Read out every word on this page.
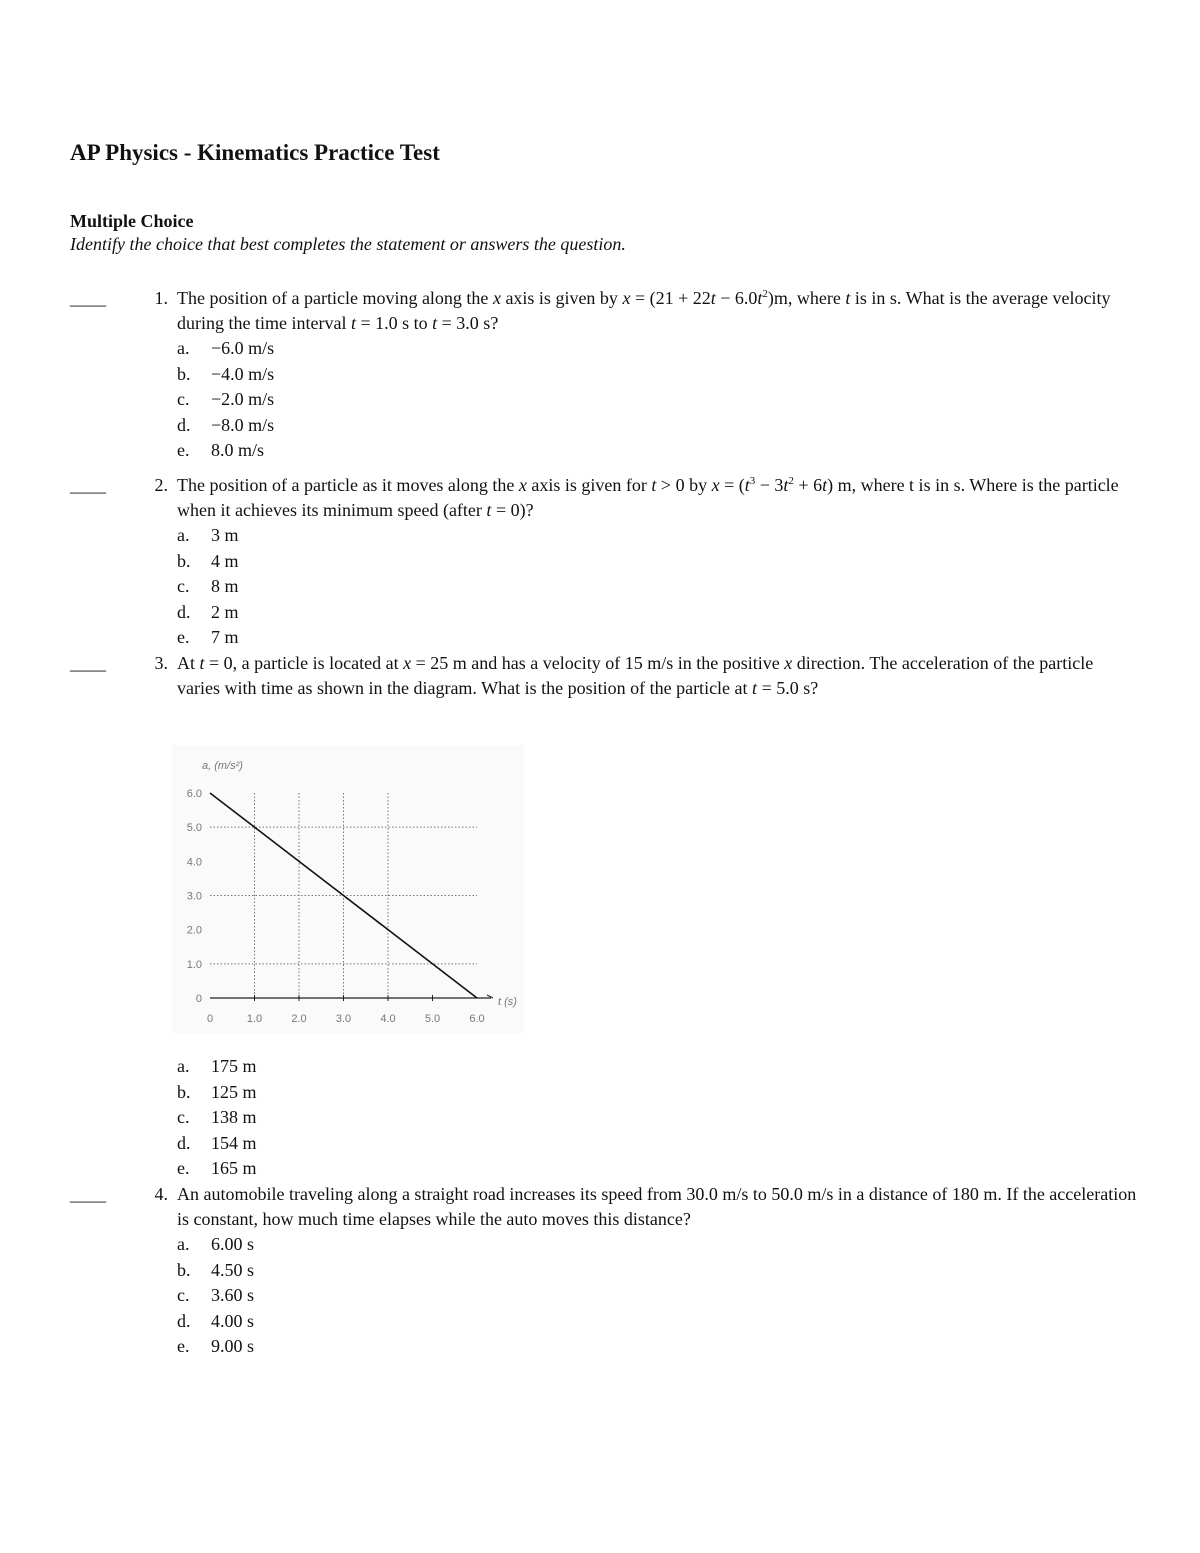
AP Physics - Kinematics Practice Test
Multiple Choice
Identify the choice that best completes the statement or answers the question.
____	1. The position of a particle moving along the x axis is given by $x = (21 + 22t - 6.0t^2)m$, where t is in s. What is the average velocity during the time interval t = 1.0 s to t = 3.0 s?
a. −6.0 m/s
b. −4.0 m/s
c. −2.0 m/s
d. −8.0 m/s
e. 8.0 m/s
____	2. The position of a particle as it moves along the x axis is given for t > 0 by $x = (t^3 - 3t^2 + 6t)$ m, where t is in s. Where is the particle when it achieves its minimum speed (after t = 0)?
a. 3 m
b. 4 m
c. 8 m
d. 2 m
e. 7 m
____	3. At t = 0, a particle is located at x = 25 m and has a velocity of 15 m/s in the positive x direction. The acceleration of the particle varies with time as shown in the diagram. What is the position of the particle at t = 5.0 s?
0
1.0
2.0
3.0
4.0
5.0
6.0
0	1.0	2.0	3.0	4.0	5.0	6.0
a, (m/s²)
t (s)
a. 175 m
b. 125 m
c. 138 m
d. 154 m
e. 165 m
____	4. An automobile traveling along a straight road increases its speed from 30.0 m/s to 50.0 m/s in a distance of 180 m. If the acceleration is constant, how much time elapses while the auto moves this distance?
a. 6.00 s
b. 4.50 s
c. 3.60 s
d. 4.00 s
e. 9.00 s
